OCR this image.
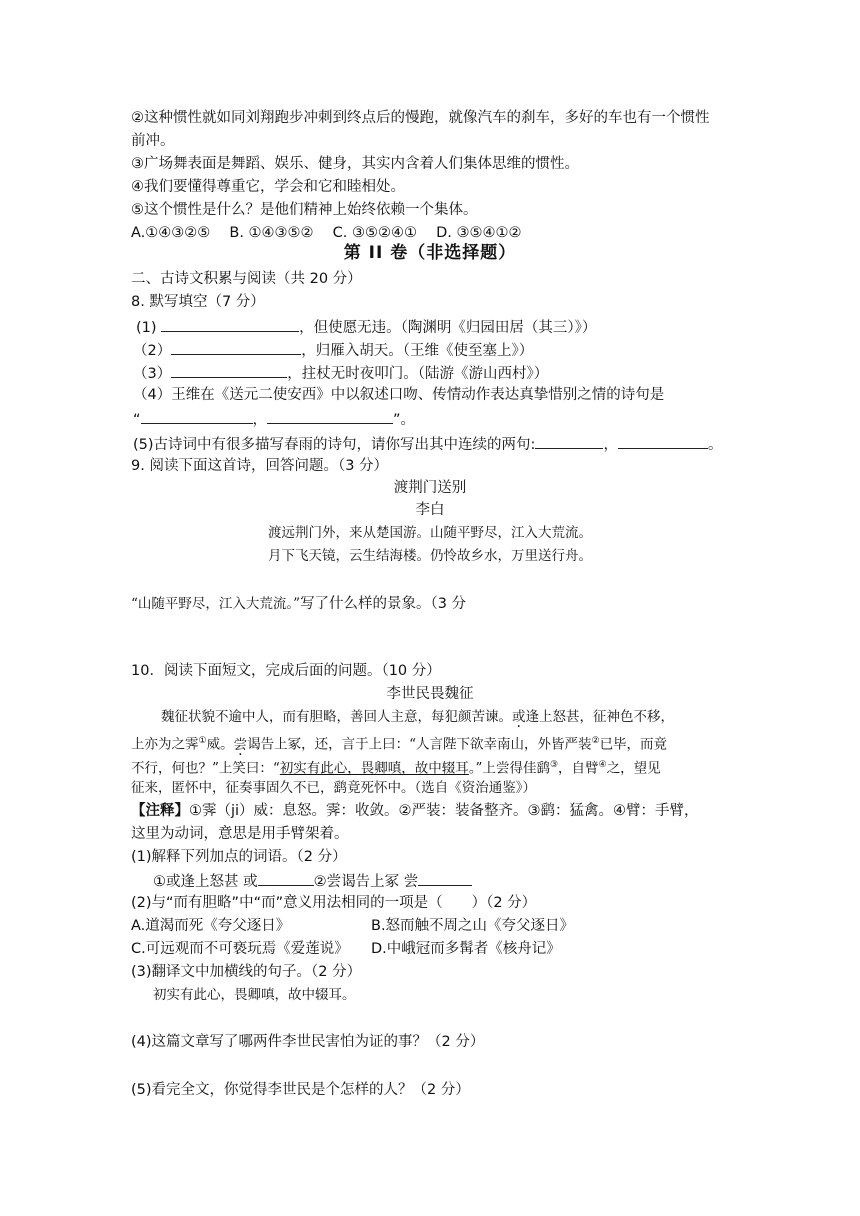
②这种惯性就如同刘翔跑步冲刺到终点后的慢跑，就像汽车的刹车，多好的车也有一个惯性
前冲。
③广场舞表面是舞蹈、娱乐、健身，其实内含着人们集体思维的惯性。
④我们要懂得尊重它，学会和它和睦相处。
⑤这个惯性是什么？是他们精神上始终依赖一个集体。
A.①④③②⑤　 B. ①④③⑤②　 C. ③⑤②④①　 D. ③⑤④①②
第 II 卷（非选择题）
二、古诗文积累与阅读（共 20 分）
8. 默写填空（7 分）
(1)	，但使愿无违。（陶渊明《归园田居（其三）》）
（2）	，归雁入胡天。（王维《使至塞上》）
（3）	，拄杖无时夜叩门。（陆游《游山西村》）
（4）王维在《送元二使安西》中以叙述口吻、传情动作表达真挚惜别之情的诗句是
“	，	”。
(5)古诗词中有很多描写春雨的诗句，请你写出其中连续的两句:	，	。
9. 阅读下面这首诗，回答问题。（3 分）
渡荆门送别
李白
渡远荆门外，来从楚国游。山随平野尽，江入大荒流。
月下飞天镜，云生结海楼。仍怜故乡水，万里送行舟。
“山随平野尽，江入大荒流。”写了什么样的景象。（3 分
10．阅读下面短文，完成后面的问题。（10 分）
李世民畏魏征
魏征状貌不逾中人，而有胆略，善回人主意，每犯颜苦谏。或逢上怒甚，征神色不移，
上亦为之霁①威。尝谒告上冢，还，言于上曰：“人言陛下欲幸南山，外皆严装②已毕，而竟
不行，何也？”上笑曰：“初实有此心，畏卿嗔，故中辍耳。”上尝得佳鹞③，自臂④之，望见
征来，匿怀中，征奏事固久不已，鹞竟死怀中。（选自《资治通鉴》）
【注释】①霁（ji）威：息怒。霁：收敛。②严装：装备整齐。③鹞：猛禽。④臂：手臂，
这里为动词，意思是用手臂架着。
(1)解释下列加点的词语。（2 分）
①或逢上怒甚 或	②尝谒告上冢 尝
(2)与“而有胆略”中“而”意义用法相同的一项是（　　）（2 分）
A.道渴而死《夸父逐日》	B.怒而触不周之山《夸父逐日》
C.可远观而不可亵玩焉《爱莲说》 D.中峨冠而多髯者《核舟记》
(3)翻译文中加横线的句子。（2 分）
初实有此心，畏卿嗔，故中辍耳。
(4)这篇文章写了哪两件李世民害怕为证的事？（2 分）
(5)看完全文，你觉得李世民是个怎样的人？（2 分）
